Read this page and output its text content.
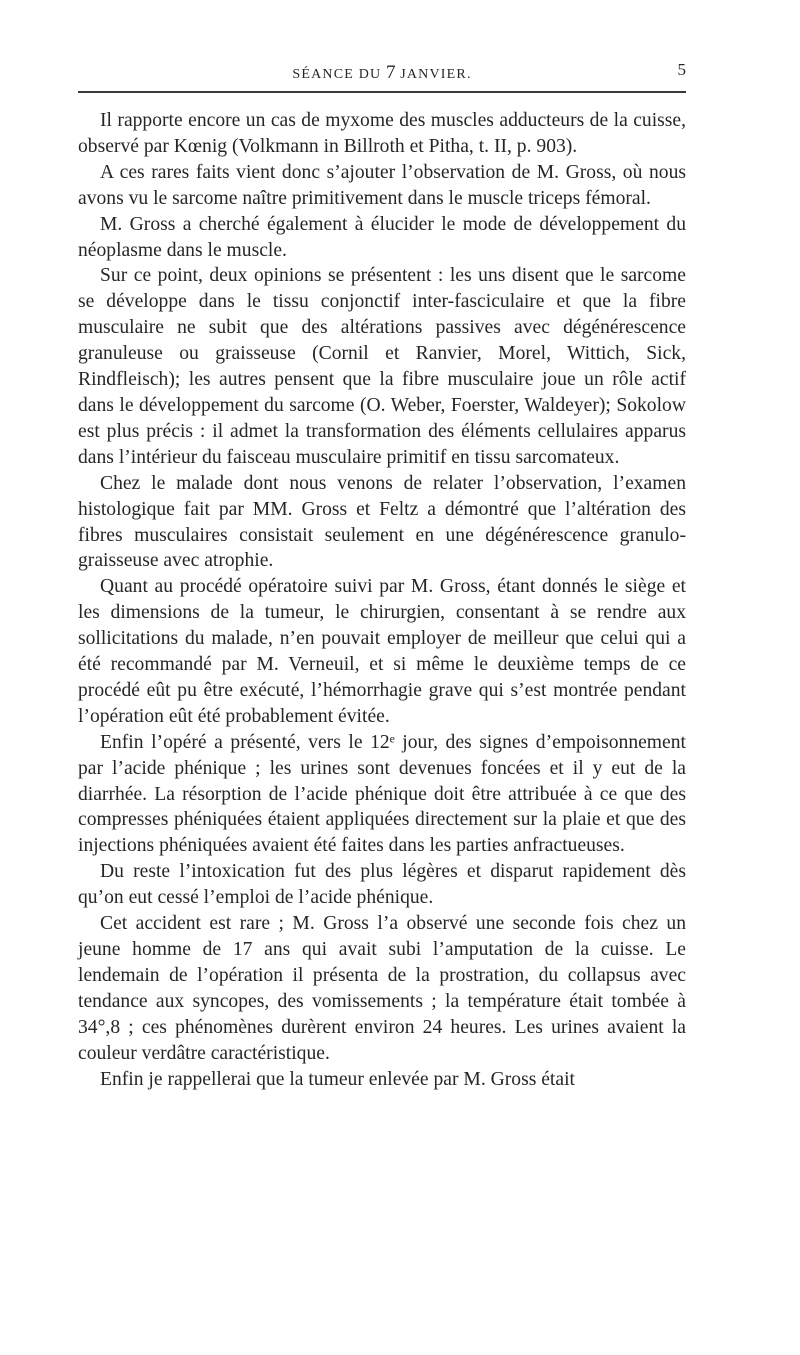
SÉANCE DU 7 JANVIER.	5

Il rapporte encore un cas de myxome des muscles adducteurs de la cuisse, observé par Kœnig (Volkmann in Billroth et Pitha, t. II, p. 903).

A ces rares faits vient donc s’ajouter l’observation de M. Gross, où nous avons vu le sarcome naître primitivement dans le muscle triceps fémoral.

M. Gross a cherché également à élucider le mode de développement du néoplasme dans le muscle.

Sur ce point, deux opinions se présentent : les uns disent que le sarcome se développe dans le tissu conjonctif inter-fasciculaire et que la fibre musculaire ne subit que des altérations passives avec dégénérescence granuleuse ou graisseuse (Cornil et Ranvier, Morel, Wittich, Sick, Rindfleisch); les autres pensent que la fibre musculaire joue un rôle actif dans le développement du sarcome (O. Weber, Foerster, Waldeyer); Sokolow est plus précis : il admet la transformation des éléments cellulaires apparus dans l’intérieur du faisceau musculaire primitif en tissu sarcomateux.

Chez le malade dont nous venons de relater l’observation, l’examen histologique fait par MM. Gross et Feltz a démontré que l’altération des fibres musculaires consistait seulement en une dégénérescence granulo-graisseuse avec atrophie.

Quant au procédé opératoire suivi par M. Gross, étant donnés le siège et les dimensions de la tumeur, le chirurgien, consentant à se rendre aux sollicitations du malade, n’en pouvait employer de meilleur que celui qui a été recommandé par M. Verneuil, et si même le deuxième temps de ce procédé eût pu être exécuté, l’hémorrhagie grave qui s’est montrée pendant l’opération eût été probablement évitée.

Enfin l’opéré a présenté, vers le 12ᵉ jour, des signes d’empoisonnement par l’acide phénique ; les urines sont devenues foncées et il y eut de la diarrhée. La résorption de l’acide phénique doit être attribuée à ce que des compresses phéniquées étaient appliquées directement sur la plaie et que des injections phéniquées avaient été faites dans les parties anfractueuses.

Du reste l’intoxication fut des plus légères et disparut rapidement dès qu’on eut cessé l’emploi de l’acide phénique.

Cet accident est rare ; M. Gross l’a observé une seconde fois chez un jeune homme de 17 ans qui avait subi l’amputation de la cuisse. Le lendemain de l’opération il présenta de la prostration, du collapsus avec tendance aux syncopes, des vomissements ; la température était tombée à 34°,8 ; ces phénomènes durèrent environ 24 heures. Les urines avaient la couleur verdâtre caractéristique.

Enfin je rappellerai que la tumeur enlevée par M. Gross était
